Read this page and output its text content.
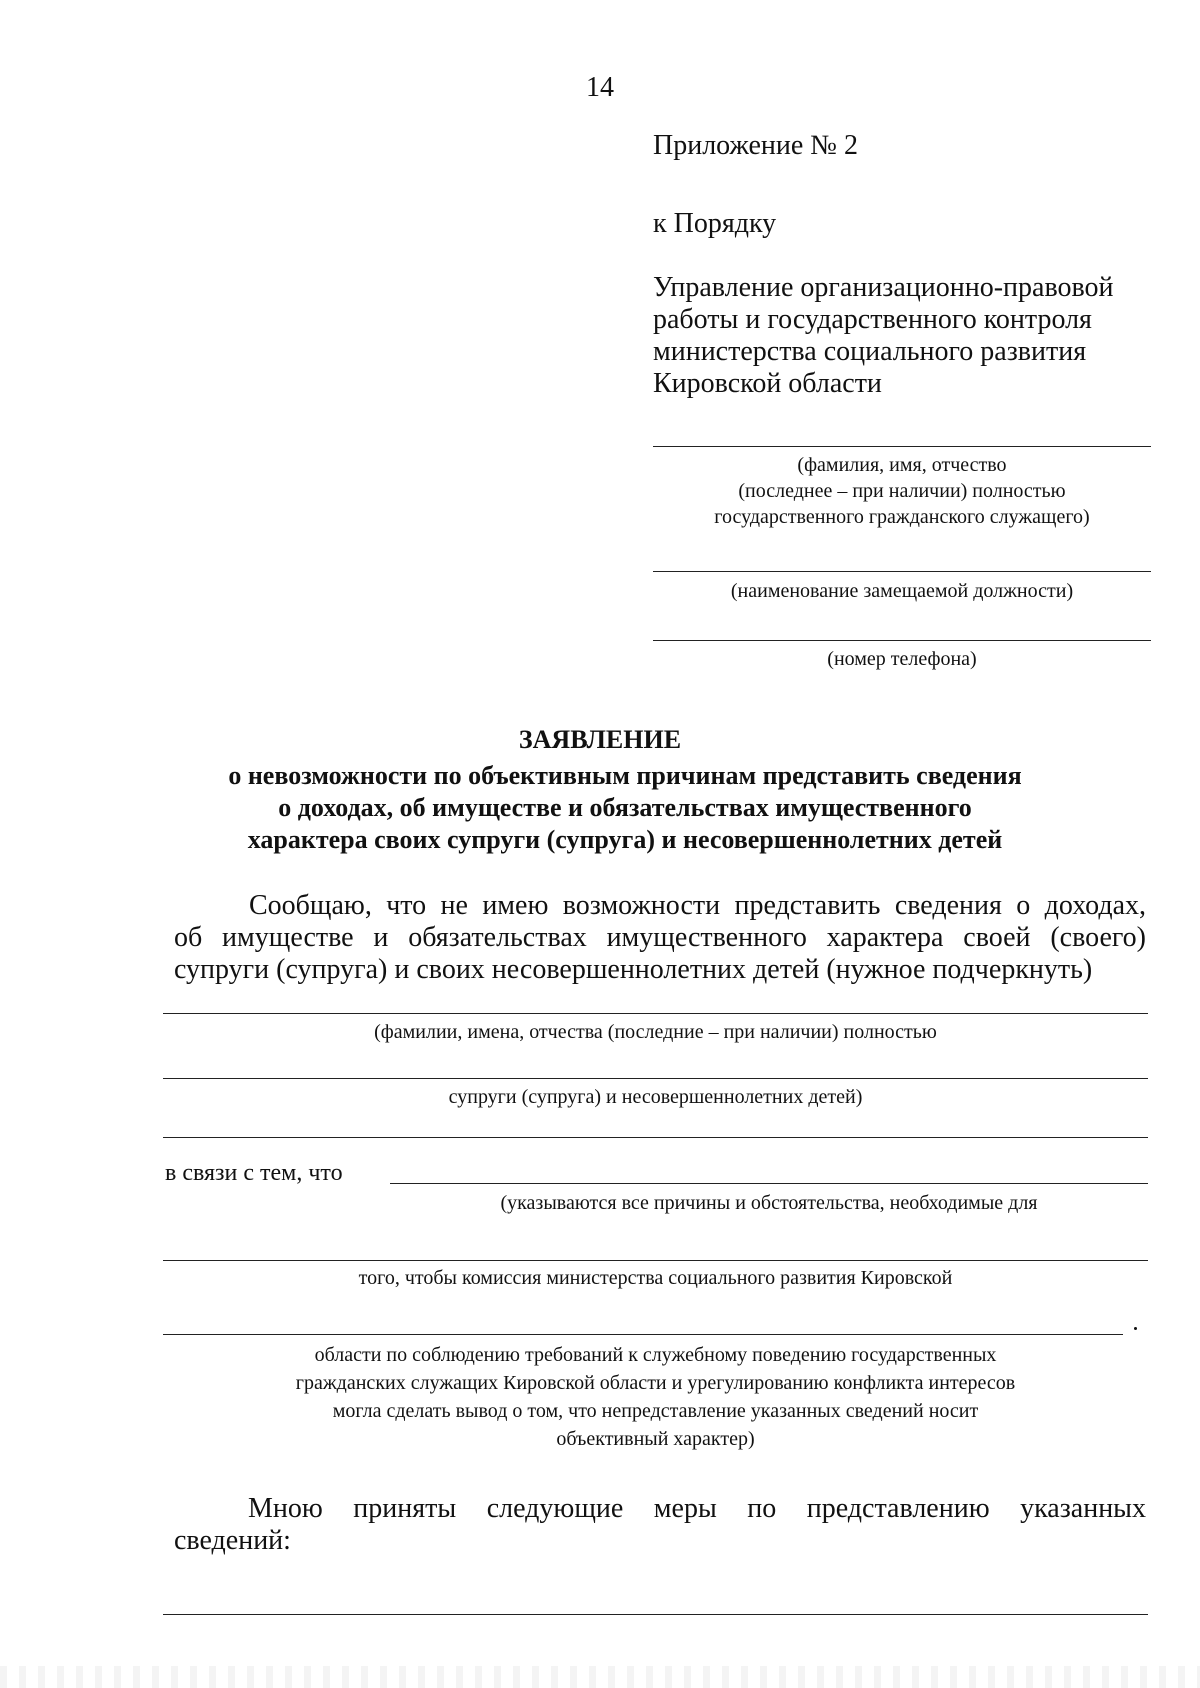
14
Приложение № 2
к Порядку
Управление организационно-правовой
работы и государственного контроля
министерства социального развития
Кировской области
(фамилия, имя, отчество
(последнее – при наличии) полностью
государственного гражданского служащего)
(наименование замещаемой должности)
(номер телефона)
ЗАЯВЛЕНИЕ
о невозможности по объективным причинам представить сведения
о доходах, об имуществе и обязательствах имущественного
характера своих супруги (супруга) и несовершеннолетних детей
Сообщаю, что не имею возможности представить сведения о доходах,
об имуществе и обязательствах имущественного характера своей (своего)
супруги (супруга) и своих несовершеннолетних детей (нужное подчеркнуть)
(фамилии, имена, отчества (последние – при наличии) полностью
супруги (супруга) и несовершеннолетних детей)
в связи с тем, что
(указываются все причины и обстоятельства, необходимые для
того, чтобы комиссия министерства социального развития Кировской
области по соблюдению требований к служебному поведению государственных
гражданских служащих Кировской области и урегулированию конфликта интересов
могла сделать вывод о том, что непредставление указанных сведений носит
объективный характер)
Мною приняты следующие меры по представлению указанных
сведений:
